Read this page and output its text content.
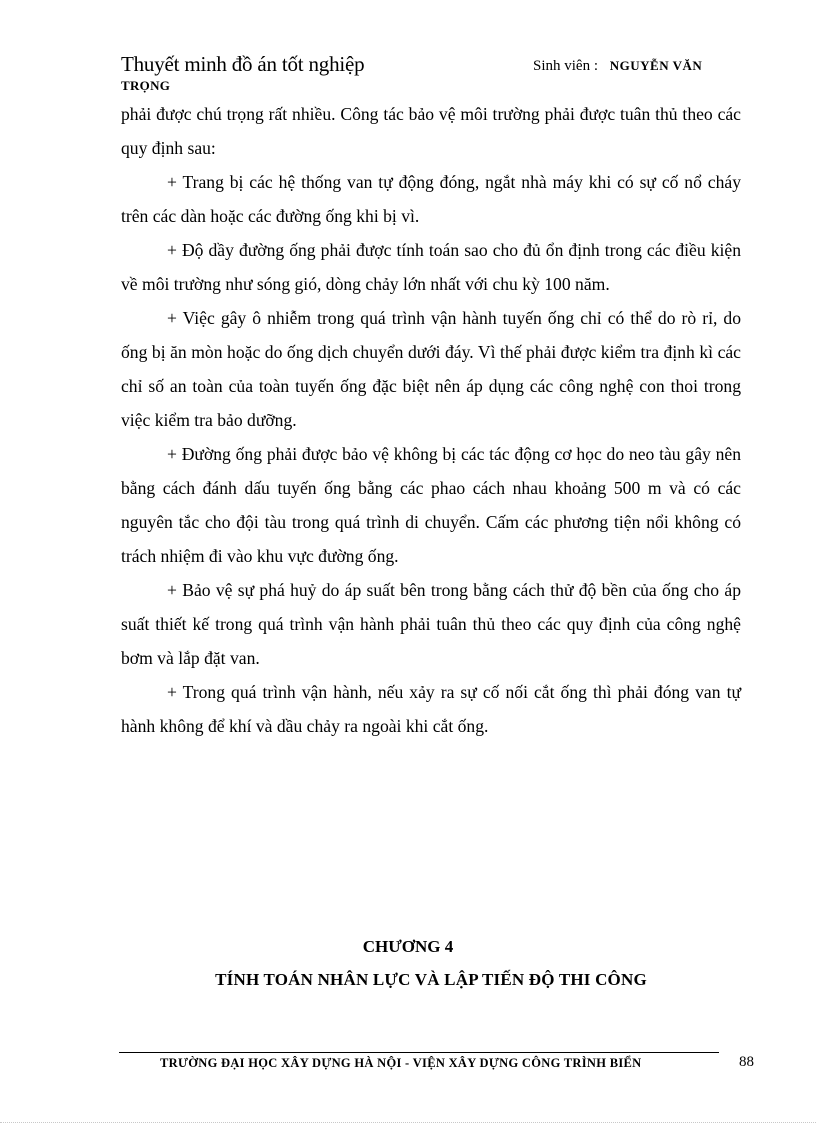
Thuyết minh đồ án tốt nghiệp	Sinh viên : NGUYỄN VĂN
TRỌNG

phải được chú trọng rất nhiều. Công tác bảo vệ môi trường phải được tuân thủ theo các quy định sau:

+ Trang bị các hệ thống van tự động đóng, ngắt nhà máy khi có sự cố nổ cháy trên các dàn hoặc các đường ống khi bị vì.

+ Độ dầy đường ống phải được tính toán sao cho đủ ổn định trong các điều kiện về môi trường như sóng gió, dòng chảy lớn nhất với chu kỳ 100 năm.

+ Việc gây ô nhiễm trong quá trình vận hành tuyến ống chỉ có thể do rò rỉ, do ống bị ăn mòn hoặc do ống dịch chuyển dưới đáy. Vì thế phải được kiểm tra định kì các chỉ số an toàn của toàn tuyến ống đặc biệt nên áp dụng các công nghệ con thoi trong việc kiểm tra bảo dưỡng.

+ Đường ống phải được bảo vệ không bị các tác động cơ học do neo tàu gây nên bằng cách đánh dấu tuyến ống bằng các phao cách nhau khoảng 500 m và có các nguyên tắc cho đội tàu trong quá trình di chuyển. Cấm các phương tiện nổi không có trách nhiệm đi vào khu vực đường ống.

+ Bảo vệ sự phá huỷ do áp suất bên trong bằng cách thử độ bền của ống cho áp suất thiết kế trong quá trình vận hành phải tuân thủ theo các quy định của công nghệ bơm và lắp đặt van.

+ Trong quá trình vận hành, nếu xảy ra sự cố nối cắt ống thì phải đóng van tự hành không để khí và dầu chảy ra ngoài khi cắt ống.

CHƯƠNG 4
TÍNH TOÁN NHÂN LỰC VÀ LẬP TIẾN ĐỘ THI CÔNG
TRƯỜNG ĐẠI HỌC XÂY DỰNG HÀ NỘI - VIỆN XÂY DỰNG CÔNG TRÌNH BIỂN	88
